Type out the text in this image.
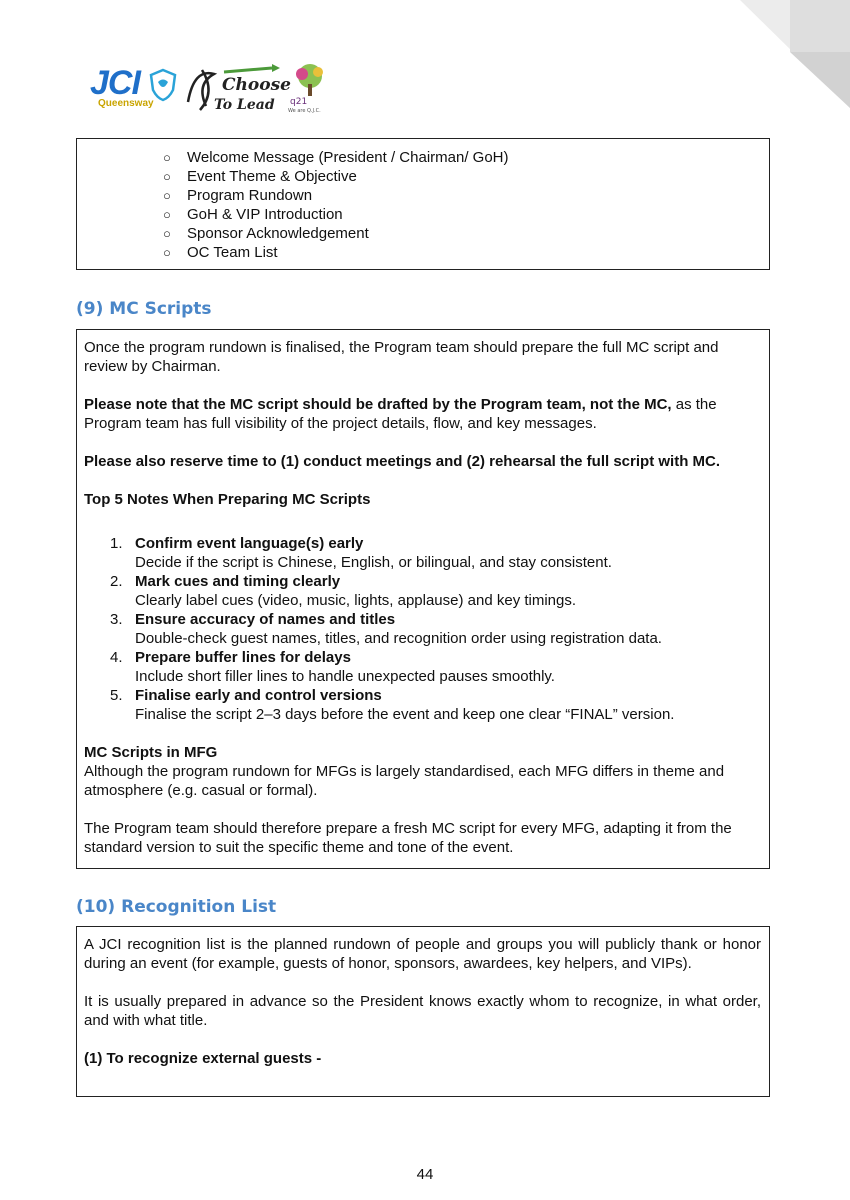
JCI
Queensway
Choose
To Lead q21
We are Q.J.C.
○ Welcome Message (President / Chairman/ GoH)
○ Event Theme & Objective
○ Program Rundown
○ GoH & VIP Introduction
○ Sponsor Acknowledgement
○ OC Team List
(9) MC Scripts

Once the program rundown is finalised, the Program team should prepare the full MC script and review by Chairman.

Please note that the MC script should be drafted by the Program team, not the MC, as the Program team has full visibility of the project details, flow, and key messages.

Please also reserve time to (1) conduct meetings and (2) rehearsal the full script with MC.

Top 5 Notes When Preparing MC Scripts

1. Confirm event language(s) early
Decide if the script is Chinese, English, or bilingual, and stay consistent.
2. Mark cues and timing clearly
Clearly label cues (video, music, lights, applause) and key timings.
3. Ensure accuracy of names and titles
Double-check guest names, titles, and recognition order using registration data.
4. Prepare buffer lines for delays
Include short filler lines to handle unexpected pauses smoothly.
5. Finalise early and control versions
Finalise the script 2–3 days before the event and keep one clear “FINAL” version.

MC Scripts in MFG

Although the program rundown for MFGs is largely standardised, each MFG differs in theme and atmosphere (e.g. casual or formal).

The Program team should therefore prepare a fresh MC script for every MFG, adapting it from the standard version to suit the specific theme and tone of the event.

(10) Recognition List

A JCI recognition list is the planned rundown of people and groups you will publicly thank or honor during an event (for example, guests of honor, sponsors, awardees, key helpers, and VIPs).

It is usually prepared in advance so the President knows exactly whom to recognize, in what order, and with what title.

(1) To recognize external guests -

44
